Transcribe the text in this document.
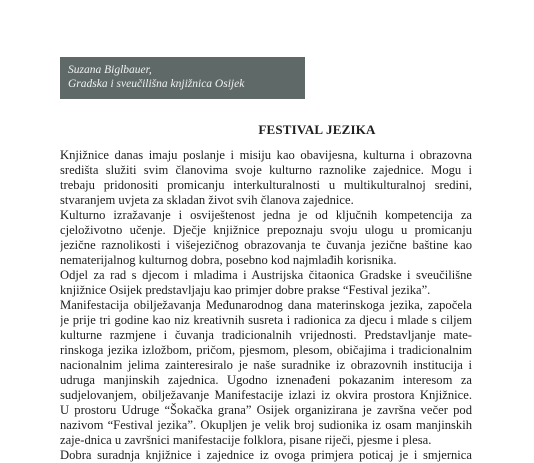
Suzana Biglbauer,
Gradska i sveučilišna knjižnica Osijek
FESTIVAL JEZIKA
Knjižnice danas imaju poslanje i misiju kao obavijesna, kulturna i obrazovna
središta služiti svim članovima svoje kulturno raznolike zajednice. Mogu i
trebaju pridonositi promicanju interkulturalnosti u multikulturalnoj sredini,
stvaranjem uvjeta za skladan život svih članova zajednice.
Kulturno izražavanje i osviještenost jedna je od ključnih kompetencija za
cjeloživotno učenje. Dječje knjižnice prepoznaju svoju ulogu u promicanju
jezične raznolikosti i višejezičnog obrazovanja te čuvanja jezične baštine kao
nematerijalnog kulturnog dobra, posebno kod najmlađih korisnika.
Odjel za rad s djecom i mladima i Austrijska čitaonica Gradske i sveučilišne
knjižnice Osijek predstavljaju kao primjer dobre prakse “Festival jezika”.
Manifestacija obilježavanja Međunarodnog dana materinskoga jezika, započela
je prije tri godine kao niz kreativnih susreta i radionica za djecu i mlade s ciljem
kulturne razmjene i čuvanja tradicionalnih vrijednosti. Predstavljanje mate-
rinskoga jezika izložbom, pričom, pjesmom, plesom, običajima i tradicionalnim
nacionalnim jelima zainteresiralo je naše suradnike iz obrazovnih institucija i
udruga manjinskih zajednica. Ugodno iznenađeni pokazanim interesom za
sudjelovanjem, obilježavanje Manifestacije izlazi iz okvira prostora Knjižnice.
U prostoru Udruge “Šokačka grana” Osijek organizirana je završna večer pod
nazivom “Festival jezika”. Okupljen je velik broj sudionika iz osam manjinskih
zaje-dnica u završnici manifestacije folklora, pisane riječi, pjesme i plesa.
Dobra suradnja knjižnice i zajednice iz ovoga primjera poticaj je i smjernica
